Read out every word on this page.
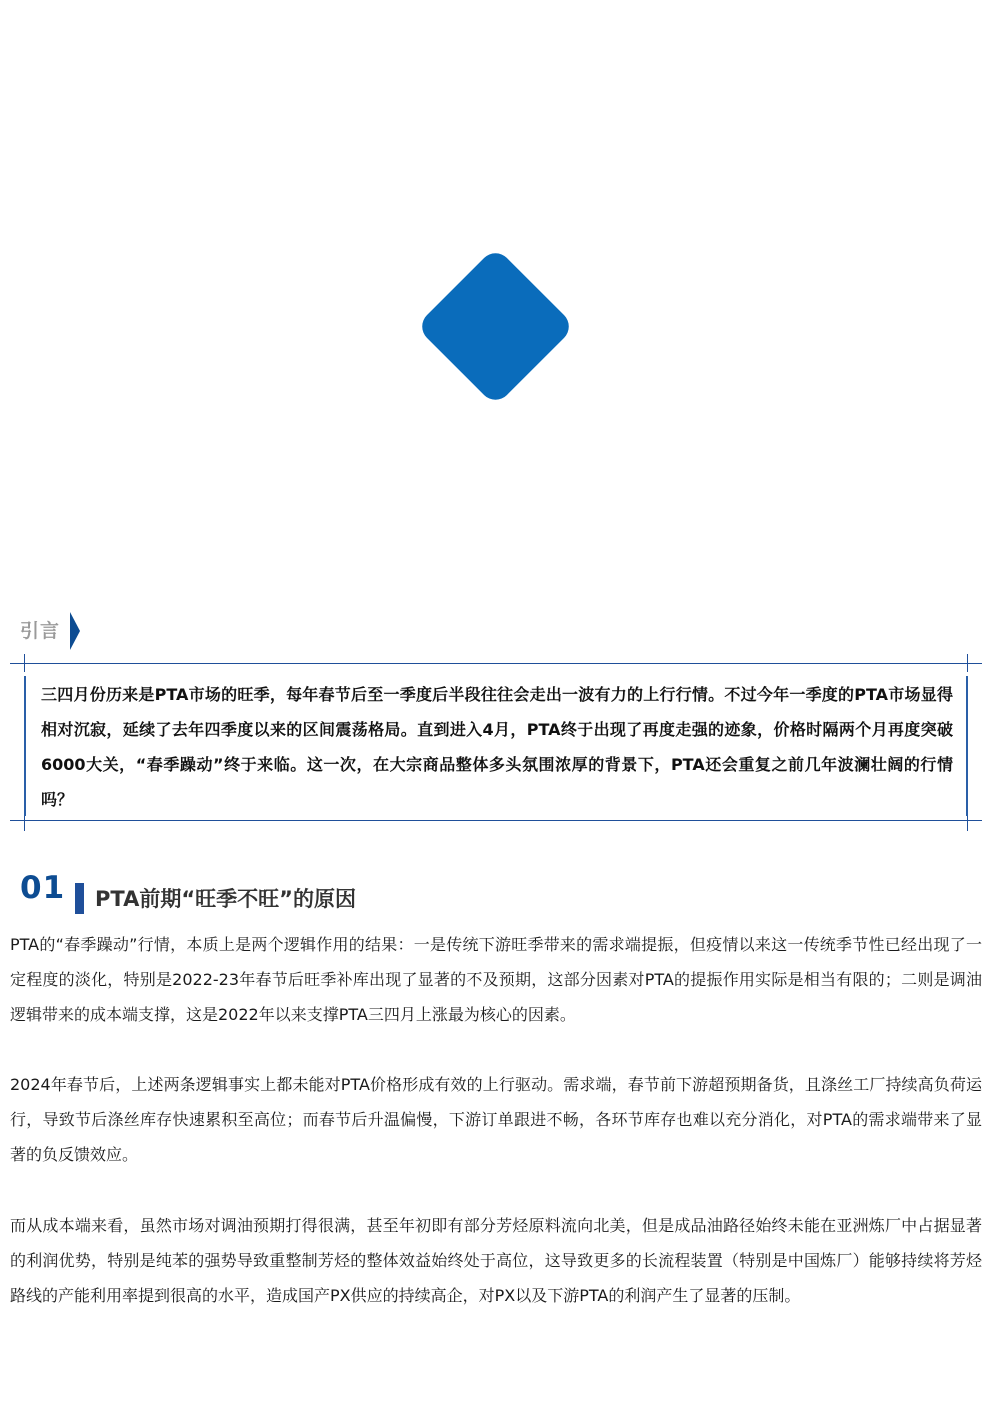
引言

三四月份历来是PTA市场的旺季，每年春节后至一季度后半段往往会走出一波有力的上行行情。不过今年一季度的PTA市场显得相对沉寂，延续了去年四季度以来的区间震荡格局。直到进入4月，PTA终于出现了再度走强的迹象，价格时隔两个月再度突破6000大关，“春季躁动”终于来临。这一次，在大宗商品整体多头氛围浓厚的背景下，PTA还会重复之前几年波澜壮阔的行情吗？

01 PTA前期“旺季不旺”的原因

PTA的“春季躁动”行情，本质上是两个逻辑作用的结果：一是传统下游旺季带来的需求端提振，但疫情以来这一传统季节性已经出现了一定程度的淡化，特别是2022-23年春节后旺季补库出现了显著的不及预期，这部分因素对PTA的提振作用实际是相当有限的；二则是调油逻辑带来的成本端支撑，这是2022年以来支撑PTA三四月上涨最为核心的因素。

2024年春节后，上述两条逻辑事实上都未能对PTA价格形成有效的上行驱动。需求端，春节前下游超预期备货，且涤丝工厂持续高负荷运行，导致节后涤丝库存快速累积至高位；而春节后升温偏慢，下游订单跟进不畅，各环节库存也难以充分消化，对PTA的需求端带来了显著的负反馈效应。

而从成本端来看，虽然市场对调油预期打得很满，甚至年初即有部分芳烃原料流向北美，但是成品油路径始终未能在亚洲炼厂中占据显著的利润优势，特别是纯苯的强势导致重整制芳烃的整体效益始终处于高位，这导致更多的长流程装置（特别是中国炼厂）能够持续将芳烃路线的产能利用率提到很高的水平，造成国产PX供应的持续高企，对PX以及下游PTA的利润产生了显著的压制。
